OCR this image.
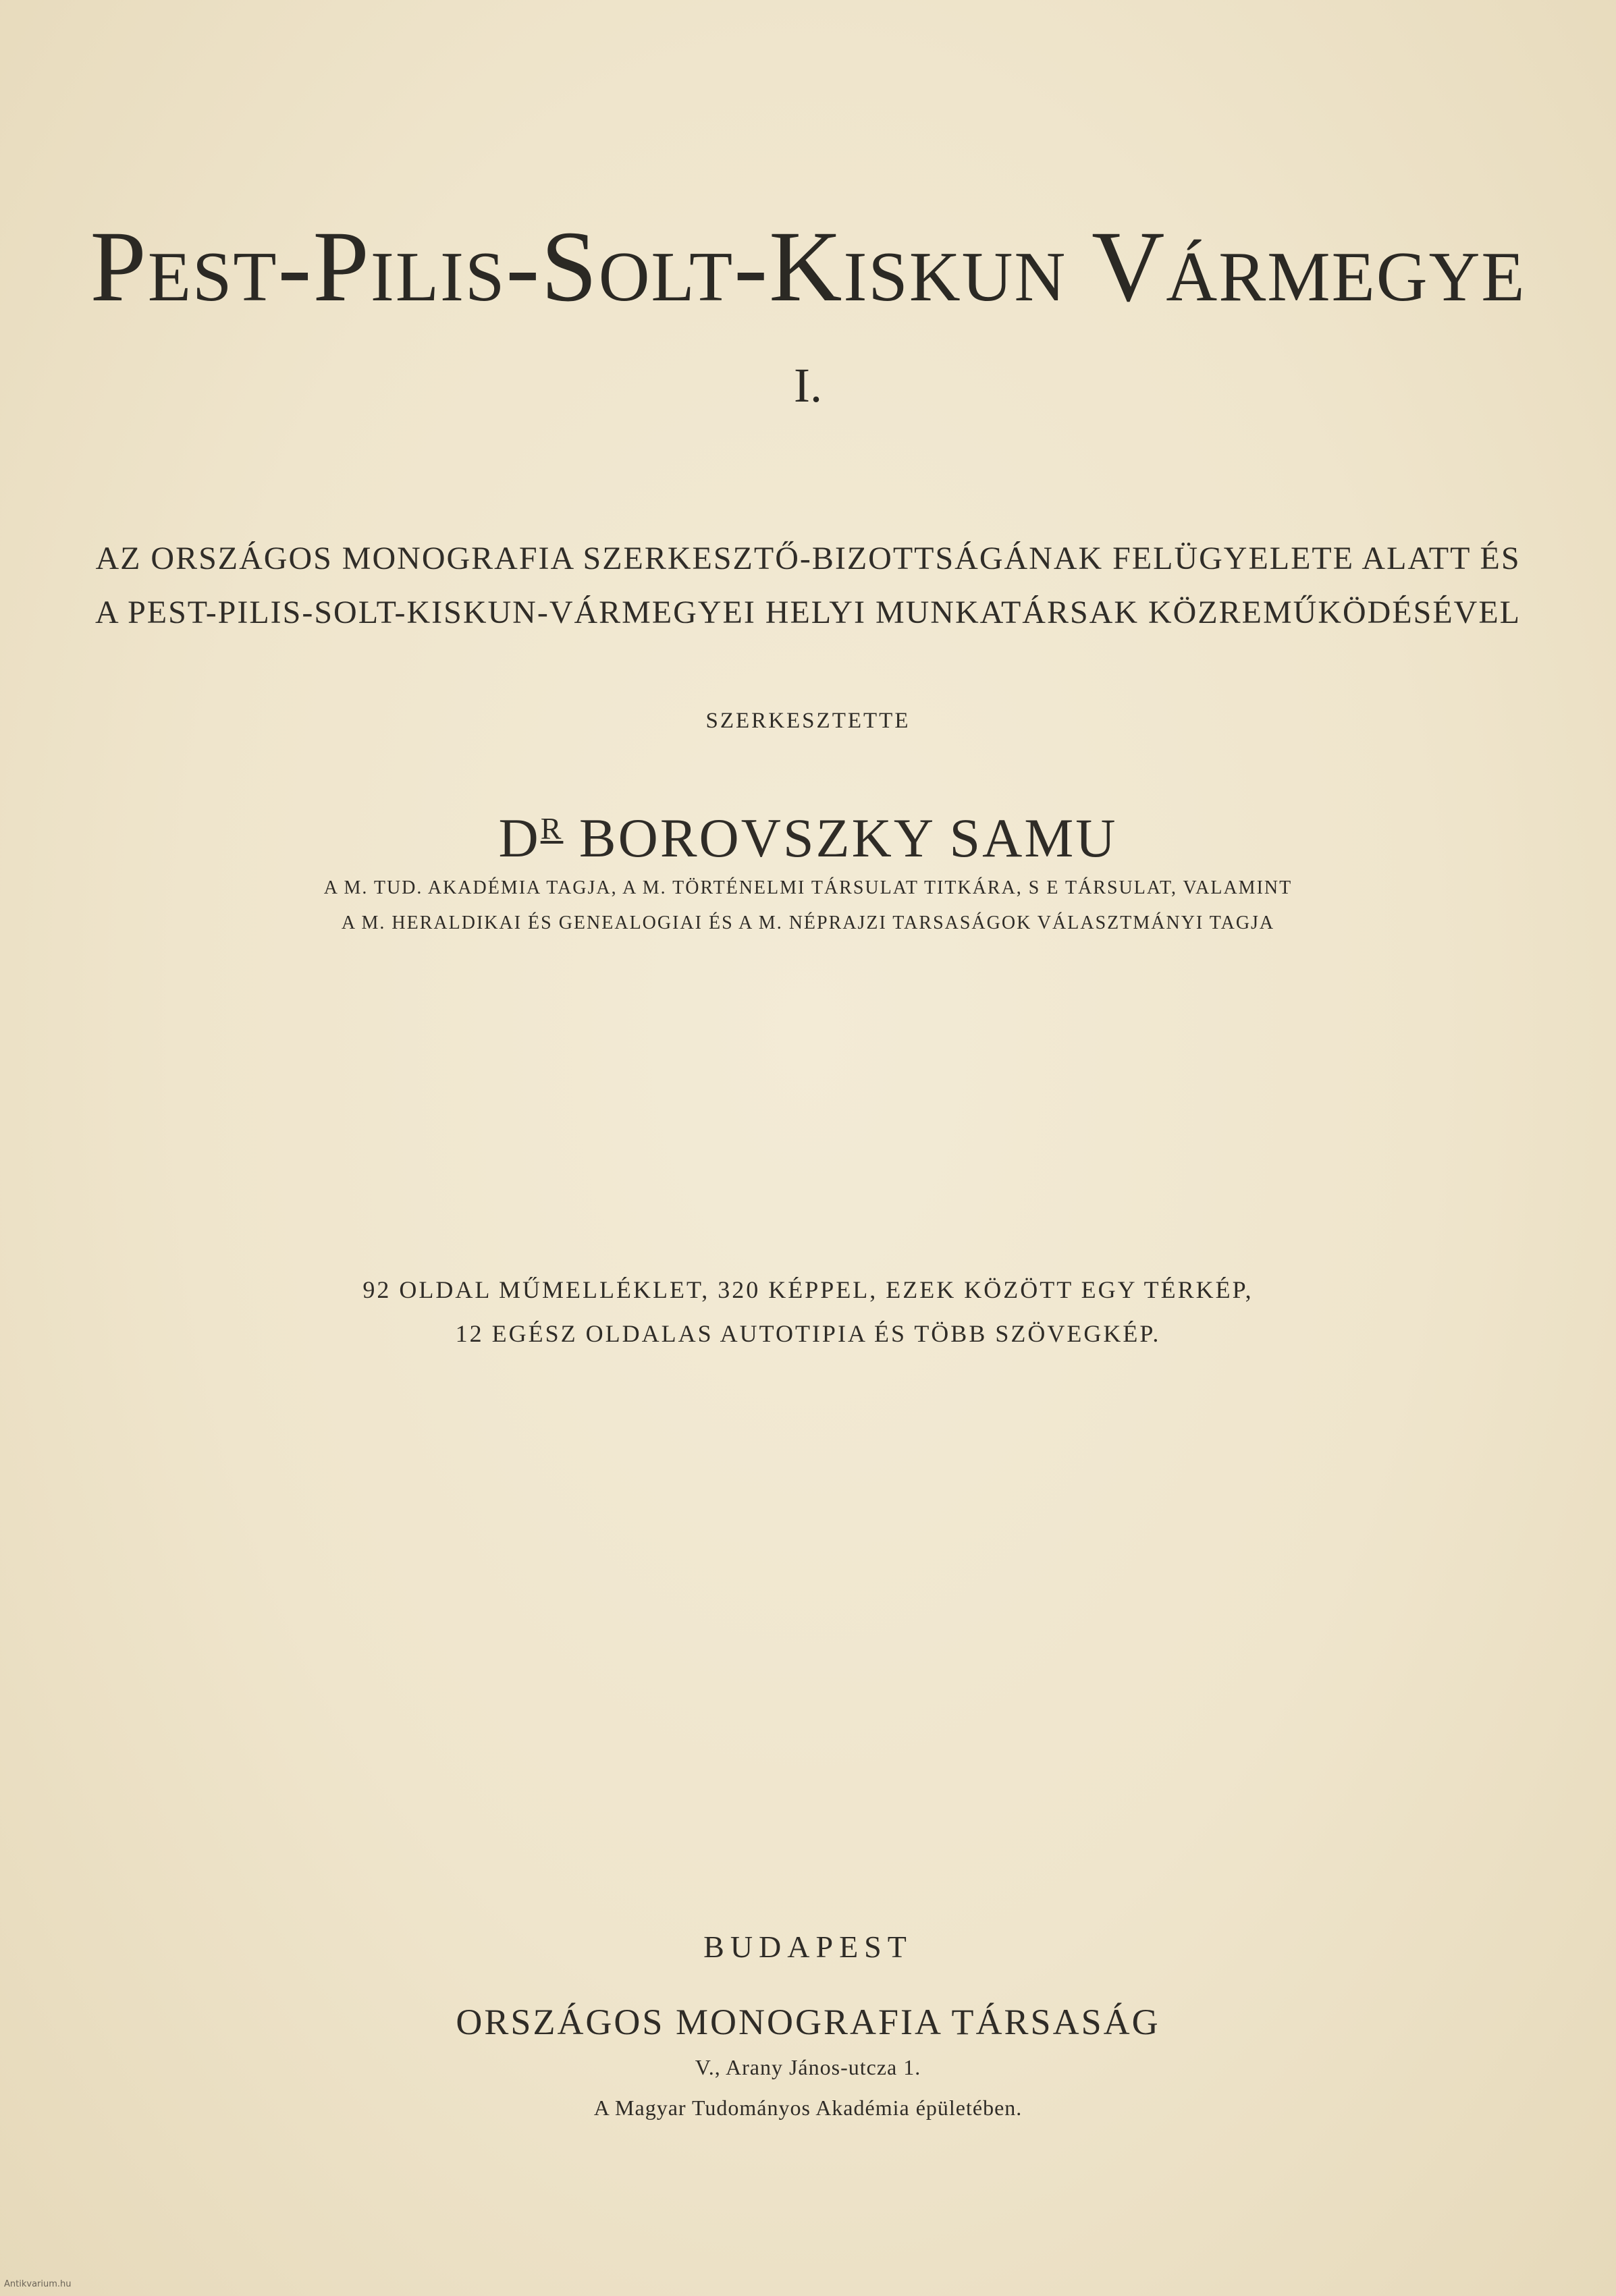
Pest-Pilis-Solt-Kiskun Vármegye
I.
AZ ORSZÁGOS MONOGRAFIA SZERKESZTŐ-BIZOTTSÁGÁNAK FELÜGYELETE ALATT ÉS
A PEST-PILIS-SOLT-KISKUN-VÁRMEGYEI HELYI MUNKATÁRSAK KÖZREMŰKÖDÉSÉVEL
SZERKESZTETTE
$D^R$ BOROVSZKY SAMU
A M. TUD. AKADÉMIA TAGJA, A M. TÖRTÉNELMI TÁRSULAT TITKÁRA, S E TÁRSULAT, VALAMINT
A M. HERALDIKAI ÉS GENEALOGIAI ÉS A M. NÉPRAJZI TARSASÁGOK VÁLASZTMÁNYI TAGJA
92 OLDAL MŰMELLÉKLET, 320 KÉPPEL, EZEK KÖZÖTT EGY TÉRKÉP,
12 EGÉSZ OLDALAS AUTOTIPIA ÉS TÖBB SZÖVEGKÉP.
BUDAPEST
ORSZÁGOS MONOGRAFIA TÁRSASÁG
V., Arany János-utcza 1.
A Magyar Tudományos Akadémia épületében.
Antikvarium.hu
